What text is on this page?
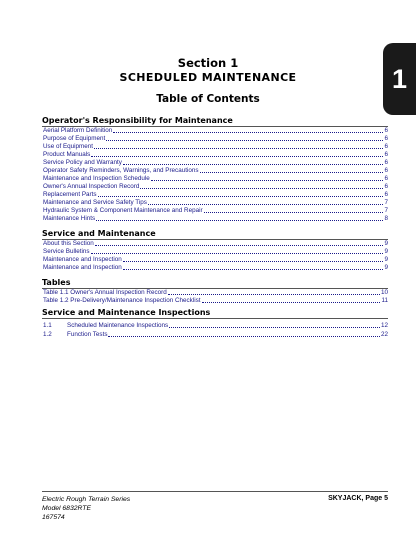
Section 1
SCHEDULED MAINTENANCE
Table of Contents
1
Operator's Responsibility for Maintenance
Aerial Platform Definition	6
Purpose of Equipment	6
Use of Equipment	6
Product Manuals	6
Service Policy and Warranty	6
Operator Safety Reminders, Warnings, and Precautions	6
Maintenance and Inspection Schedule	6
Owner's Annual Inspection Record	6
Replacement Parts	6
Maintenance and Service Safety Tips	7
Hydraulic System & Component Maintenance and Repair	7
Maintenance Hints	8
Service and Maintenance
About this Section	9
Service Bulletins	9
Maintenance and Inspection	9
Maintenance and Inspection	9
Tables
Table 1.1 Owner's Annual Inspection Record	10
Table 1.2 Pre-Delivery/Maintenance Inspection Checklist	11
Service and Maintenance Inspections
1.1	Scheduled Maintenance Inspections	12
1.2	Function Tests	22
Electric Rough Terrain Series
Model 6832RTE
167574
SKYJACK, Page 5
